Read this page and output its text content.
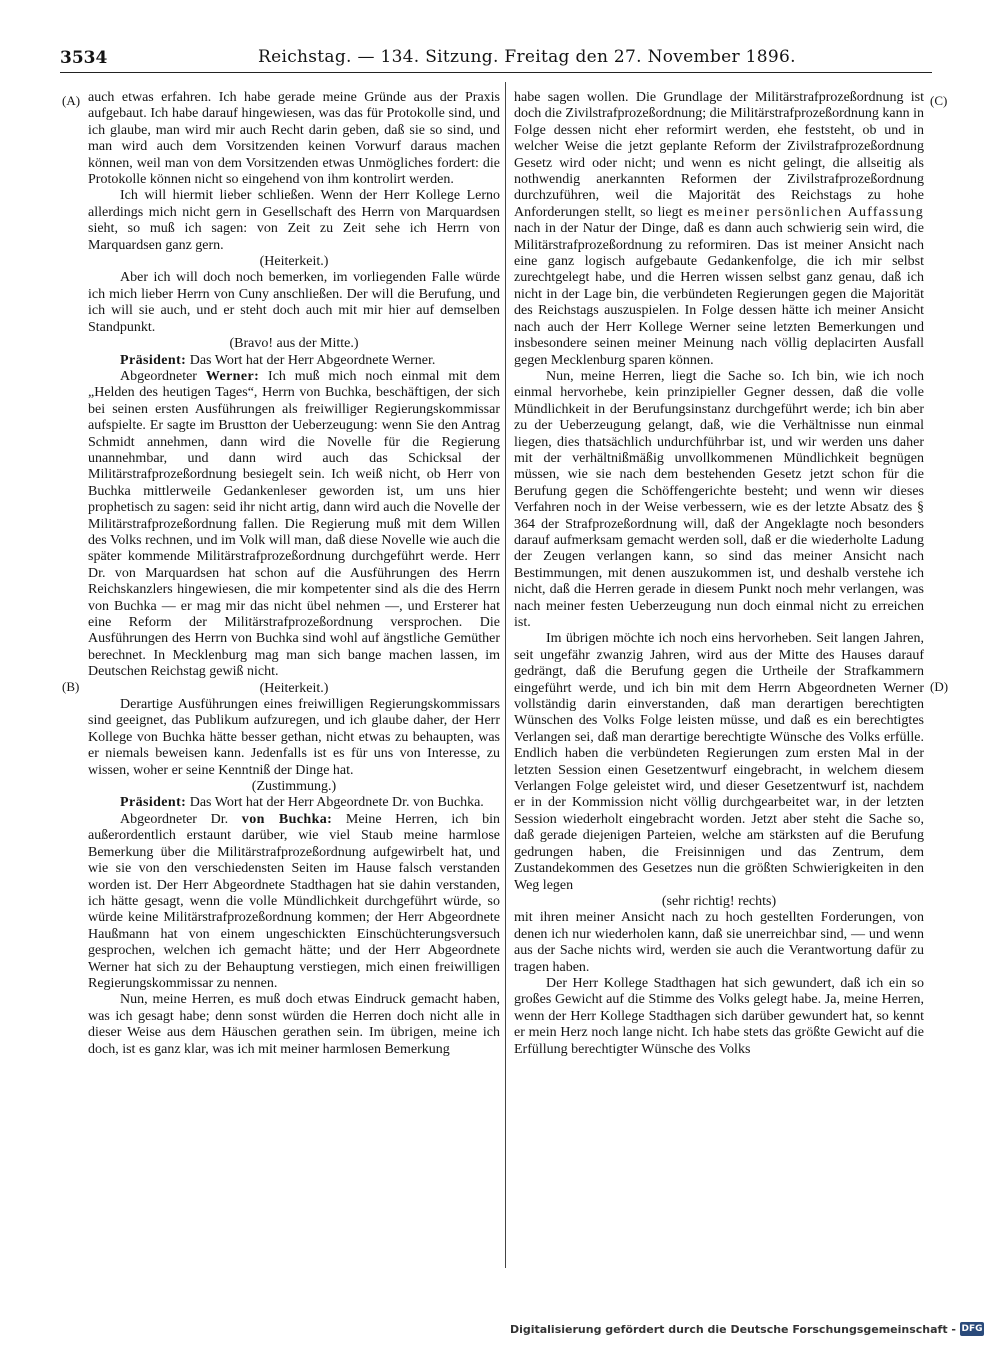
3534	Reichstag. — 134. Sitzung. Freitag den 27. November 1896.
(A)
(B)
(C)
(D)

auch etwas erfahren. Ich habe gerade meine Gründe aus der Praxis aufgebaut. Ich habe darauf hingewiesen, was das für Protokolle sind, und ich glaube, man wird mir auch Recht darin geben, daß sie so sind, und man wird auch dem Vorsitzenden keinen Vorwurf daraus machen können, weil man von dem Vorsitzenden etwas Unmögliches fordert: die Protokolle können nicht so eingehend von ihm kontrolirt werden.

Ich will hiermit lieber schließen. Wenn der Herr Kollege Lerno allerdings mich nicht gern in Gesellschaft des Herrn von Marquardsen sieht, so muß ich sagen: von Zeit zu Zeit sehe ich Herrn von Marquardsen ganz gern.

(Heiterkeit.)

Aber ich will doch noch bemerken, im vorliegenden Falle würde ich mich lieber Herrn von Cuny anschließen. Der will die Berufung, und ich will sie auch, und er steht doch auch mit mir hier auf demselben Standpunkt.

(Bravo! aus der Mitte.)

Präsident: Das Wort hat der Herr Abgeordnete Werner.

Abgeordneter Werner: Ich muß mich noch einmal mit dem „Helden des heutigen Tages“, Herrn von Buchka, beschäftigen, der sich bei seinen ersten Ausführungen als freiwilliger Regierungskommissar aufspielte. Er sagte im Brustton der Ueberzeugung: wenn Sie den Antrag Schmidt annehmen, dann wird die Novelle für die Regierung unannehmbar, und dann wird auch das Schicksal der Militärstrafprozeßordnung besiegelt sein. Ich weiß nicht, ob Herr von Buchka mittlerweile Gedankenleser geworden ist, um uns hier prophetisch zu sagen: seid ihr nicht artig, dann wird auch die Novelle der Militärstrafprozeßordnung fallen. Die Regierung muß mit dem Willen des Volks rechnen, und im Volk will man, daß diese Novelle wie auch die später kommende Militärstrafprozeßordnung durchgeführt werde. Herr Dr. von Marquardsen hat schon auf die Ausführungen des Herrn Reichskanzlers hingewiesen, die mir kompetenter sind als die des Herrn von Buchka — er mag mir das nicht übel nehmen —, und Ersterer hat eine Reform der Militärstrafprozeßordnung versprochen. Die Ausführungen des Herrn von Buchka sind wohl auf ängstliche Gemüther berechnet. In Mecklenburg mag man sich bange machen lassen, im Deutschen Reichstag gewiß nicht.

(Heiterkeit.)

Derartige Ausführungen eines freiwilligen Regierungskommissars sind geeignet, das Publikum aufzuregen, und ich glaube daher, der Herr Kollege von Buchka hätte besser gethan, nicht etwas zu behaupten, was er niemals beweisen kann. Jedenfalls ist es für uns von Interesse, zu wissen, woher er seine Kenntniß der Dinge hat.

(Zustimmung.)

Präsident: Das Wort hat der Herr Abgeordnete Dr. von Buchka.

Abgeordneter Dr. von Buchka: Meine Herren, ich bin außerordentlich erstaunt darüber, wie viel Staub meine harmlose Bemerkung über die Militärstrafprozeßordnung aufgewirbelt hat, und wie sie von den verschiedensten Seiten im Hause falsch verstanden worden ist. Der Herr Abgeordnete Stadthagen hat sie dahin verstanden, ich hätte gesagt, wenn die volle Mündlichkeit durchgeführt würde, so würde keine Militärstrafprozeßordnung kommen; der Herr Abgeordnete Haußmann hat von einem ungeschickten Einschüchterungsversuch gesprochen, welchen ich gemacht hätte; und der Herr Abgeordnete Werner hat sich zu der Behauptung verstiegen, mich einen freiwilligen Regierungskommissar zu nennen.

Nun, meine Herren, es muß doch etwas Eindruck gemacht haben, was ich gesagt habe; denn sonst würden die Herren doch nicht alle in dieser Weise aus dem Häuschen gerathen sein. Im übrigen, meine ich doch, ist es ganz klar, was ich mit meiner harmlosen Bemerkung

habe sagen wollen. Die Grundlage der Militärstrafprozeßordnung ist doch die Zivilstrafprozeßordnung; die Militärstrafprozeßordnung kann in Folge dessen nicht eher reformirt werden, ehe feststeht, ob und in welcher Weise die jetzt geplante Reform der Zivilstrafprozeßordnung Gesetz wird oder nicht; und wenn es nicht gelingt, die allseitig als nothwendig anerkannten Reformen der Zivilstrafprozeßordnung durchzuführen, weil die Majorität des Reichstags zu hohe Anforderungen stellt, so liegt es meiner persönlichen Auffassung nach in der Natur der Dinge, daß es dann auch schwierig sein wird, die Militärstrafprozeßordnung zu reformiren. Das ist meiner Ansicht nach eine ganz logisch aufgebaute Gedankenfolge, die ich mir selbst zurechtgelegt habe, und die Herren wissen selbst ganz genau, daß ich nicht in der Lage bin, die verbündeten Regierungen gegen die Majorität des Reichstags auszuspielen. In Folge dessen hätte ich meiner Ansicht nach auch der Herr Kollege Werner seine letzten Bemerkungen und insbesondere seinen meiner Meinung nach völlig deplacirten Ausfall gegen Mecklenburg sparen können.

Nun, meine Herren, liegt die Sache so. Ich bin, wie ich noch einmal hervorhebe, kein prinzipieller Gegner dessen, daß die volle Mündlichkeit in der Berufungsinstanz durchgeführt werde; ich bin aber zu der Ueberzeugung gelangt, daß, wie die Verhältnisse nun einmal liegen, dies thatsächlich undurchführbar ist, und wir werden uns daher mit der verhältnißmäßig unvollkommenen Mündlichkeit begnügen müssen, wie sie nach dem bestehenden Gesetz jetzt schon für die Berufung gegen die Schöffengerichte besteht; und wenn wir dieses Verfahren noch in der Weise verbessern, wie es der letzte Absatz des § 364 der Strafprozeßordnung will, daß der Angeklagte noch besonders darauf aufmerksam gemacht werden soll, daß er die wiederholte Ladung der Zeugen verlangen kann, so sind das meiner Ansicht nach Bestimmungen, mit denen auszukommen ist, und deshalb verstehe ich nicht, daß die Herren gerade in diesem Punkt noch mehr verlangen, was nach meiner festen Ueberzeugung nun doch einmal nicht zu erreichen ist.

Im übrigen möchte ich noch eins hervorheben. Seit langen Jahren, seit ungefähr zwanzig Jahren, wird aus der Mitte des Hauses darauf gedrängt, daß die Berufung gegen die Urtheile der Strafkammern eingeführt werde, und ich bin mit dem Herrn Abgeordneten Werner vollständig darin einverstanden, daß man derartigen berechtigten Wünschen des Volks Folge leisten müsse, und daß es ein berechtigtes Verlangen sei, daß man derartige berechtigte Wünsche des Volks erfülle. Endlich haben die verbündeten Regierungen zum ersten Mal in der letzten Session einen Gesetzentwurf eingebracht, in welchem diesem Verlangen Folge geleistet wird, und dieser Gesetzentwurf ist, nachdem er in der Kommission nicht völlig durchgearbeitet war, in der letzten Session wiederholt eingebracht worden. Jetzt aber steht die Sache so, daß gerade diejenigen Parteien, welche am stärksten auf die Berufung gedrungen haben, die Freisinnigen und das Zentrum, dem Zustandekommen des Gesetzes nun die größten Schwierigkeiten in den Weg legen

(sehr richtig! rechts)

mit ihren meiner Ansicht nach zu hoch gestellten Forderungen, von denen ich nur wiederholen kann, daß sie unerreichbar sind, — und wenn aus der Sache nichts wird, werden sie auch die Verantwortung dafür zu tragen haben.

Der Herr Kollege Stadthagen hat sich gewundert, daß ich ein so großes Gewicht auf die Stimme des Volks gelegt habe. Ja, meine Herren, wenn der Herr Kollege Stadthagen sich darüber gewundert hat, so kennt er mein Herz noch lange nicht. Ich habe stets das größte Gewicht auf die Erfüllung berechtigter Wünsche des Volks

Digitalisierung gefördert durch die Deutsche Forschungsgemeinschaft - DFG
